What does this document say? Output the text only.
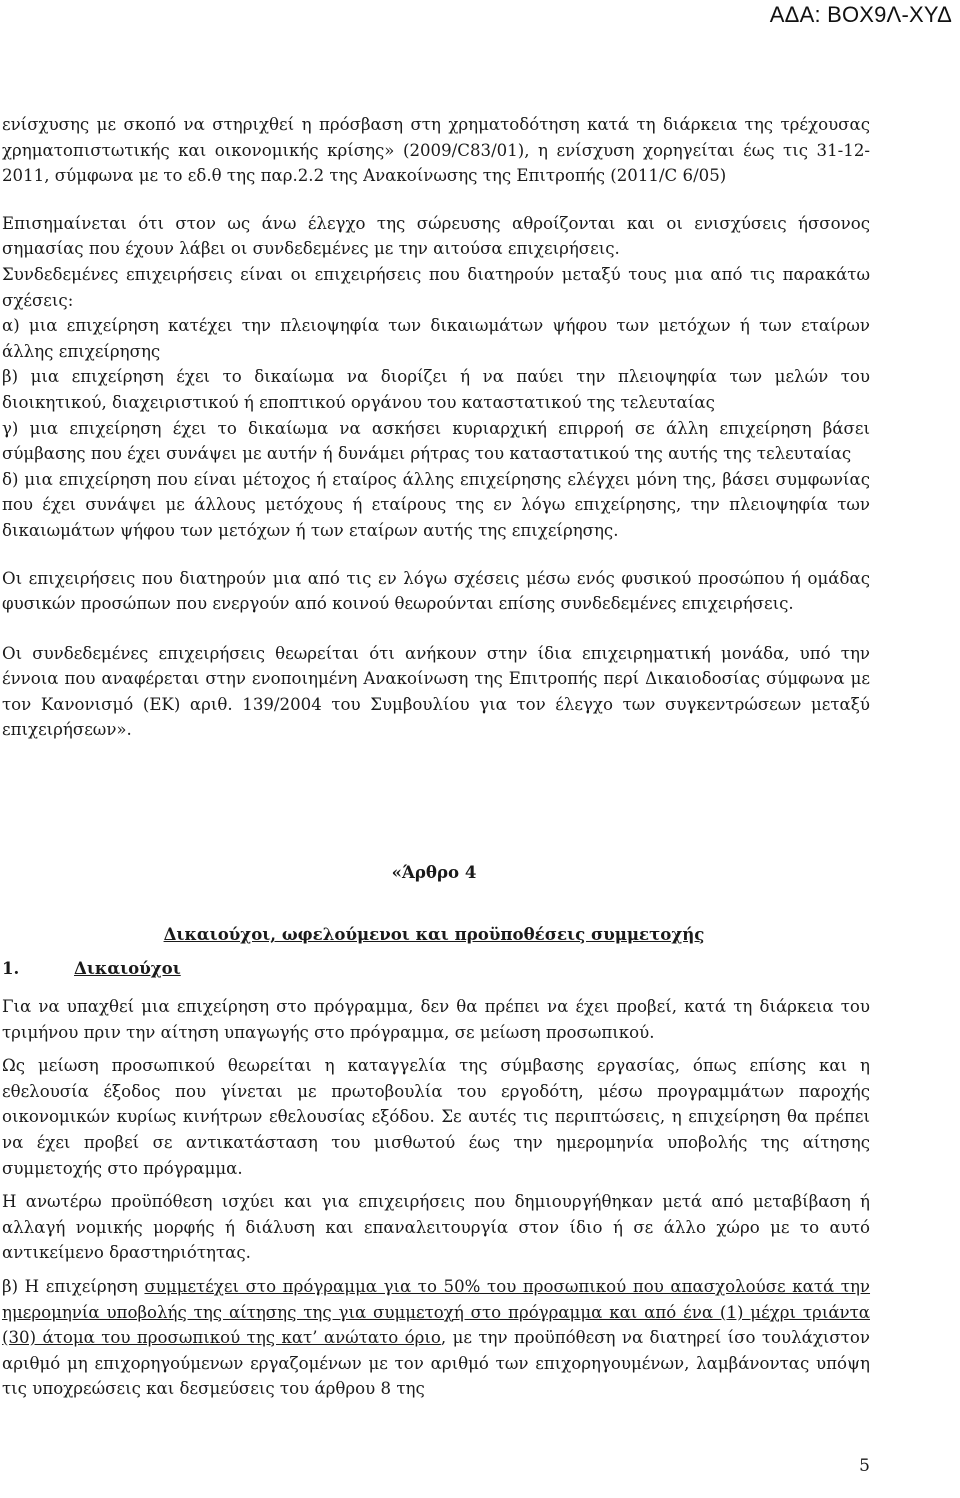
ΑΔΑ: ΒΟΧ9Λ-ΧΥΔ

ενίσχυσης με σκοπό να στηριχθεί η πρόσβαση στη χρηματοδότηση κατά τη διάρκεια της τρέχουσας χρηματοπιστωτικής και οικονομικής κρίσης» (2009/C83/01), η ενίσχυση χορηγείται έως τις 31-12-2011, σύμφωνα με το εδ.θ της παρ.2.2 της Ανακοίνωσης της Επιτροπής (2011/C 6/05)

Επισημαίνεται ότι στον ως άνω έλεγχο της σώρευσης αθροίζονται και οι ενισχύσεις ήσσονος σημασίας που έχουν λάβει οι συνδεδεμένες με την αιτούσα επιχειρήσεις.

Συνδεδεμένες επιχειρήσεις είναι οι επιχειρήσεις που διατηρούν μεταξύ τους μια από τις παρακάτω σχέσεις:

α) μια επιχείρηση κατέχει την πλειοψηφία των δικαιωμάτων ψήφου των μετόχων ή των εταίρων άλλης επιχείρησης

β) μια επιχείρηση έχει το δικαίωμα να διορίζει ή να παύει την πλειοψηφία των μελών του διοικητικού, διαχειριστικού ή εποπτικού οργάνου του καταστατικού της τελευταίας

γ) μια επιχείρηση έχει το δικαίωμα να ασκήσει κυριαρχική επιρροή σε άλλη επιχείρηση βάσει σύμβασης που έχει συνάψει με αυτήν ή δυνάμει ρήτρας του καταστατικού της αυτής της τελευταίας

δ) μια επιχείρηση που είναι μέτοχος ή εταίρος άλλης επιχείρησης ελέγχει μόνη της, βάσει συμφωνίας που έχει συνάψει με άλλους μετόχους ή εταίρους της εν λόγω επιχείρησης, την πλειοψηφία των δικαιωμάτων ψήφου των μετόχων ή των εταίρων αυτής της επιχείρησης.

Οι επιχειρήσεις που διατηρούν μια από τις εν λόγω σχέσεις μέσω ενός φυσικού προσώπου ή ομάδας φυσικών προσώπων που ενεργούν από κοινού θεωρούνται επίσης συνδεδεμένες επιχειρήσεις.

Οι συνδεδεμένες επιχειρήσεις θεωρείται ότι ανήκουν στην ίδια επιχειρηματική μονάδα, υπό την έννοια που αναφέρεται στην ενοποιημένη Ανακοίνωση της Επιτροπής περί Δικαιοδοσίας σύμφωνα με τον Κανονισμό (ΕΚ) αριθ. 139/2004 του Συμβουλίου για τον έλεγχο των συγκεντρώσεων μεταξύ επιχειρήσεων».

«Άρθρο 4
Δικαιούχοι, ωφελούμενοι και προϋποθέσεις συμμετοχής
1.	Δικαιούχοι

Για να υπαχθεί μια επιχείρηση στο πρόγραμμα, δεν θα πρέπει να έχει προβεί, κατά τη διάρκεια του τριμήνου πριν την αίτηση υπαγωγής στο πρόγραμμα, σε μείωση προσωπικού.

Ως μείωση προσωπικού θεωρείται η καταγγελία της σύμβασης εργασίας, όπως επίσης και η εθελουσία έξοδος που γίνεται με πρωτοβουλία του εργοδότη, μέσω προγραμμάτων παροχής οικονομικών κυρίως κινήτρων εθελουσίας εξόδου. Σε αυτές τις περιπτώσεις, η επιχείρηση θα πρέπει να έχει προβεί σε αντικατάσταση του μισθωτού έως την ημερομηνία υποβολής της αίτησης συμμετοχής στο πρόγραμμα.

Η ανωτέρω προϋπόθεση ισχύει και για επιχειρήσεις που δημιουργήθηκαν μετά από μεταβίβαση ή αλλαγή νομικής μορφής ή διάλυση και επαναλειτουργία στον ίδιο ή σε άλλο χώρο με το αυτό αντικείμενο δραστηριότητας.

β) Η επιχείρηση συμμετέχει στο πρόγραμμα για το 50% του προσωπικού που απασχολούσε κατά την ημερομηνία υποβολής της αίτησης της για συμμετοχή στο πρόγραμμα και από ένα (1) μέχρι τριάντα (30) άτομα του προσωπικού της κατ’ ανώτατο όριο, με την προϋπόθεση να διατηρεί ίσο τουλάχιστον αριθμό μη επιχορηγούμενων εργαζομένων με τον αριθμό των επιχορηγουμένων, λαμβάνοντας υπόψη τις υποχρεώσεις και δεσμεύσεις του άρθρου 8 της

5
